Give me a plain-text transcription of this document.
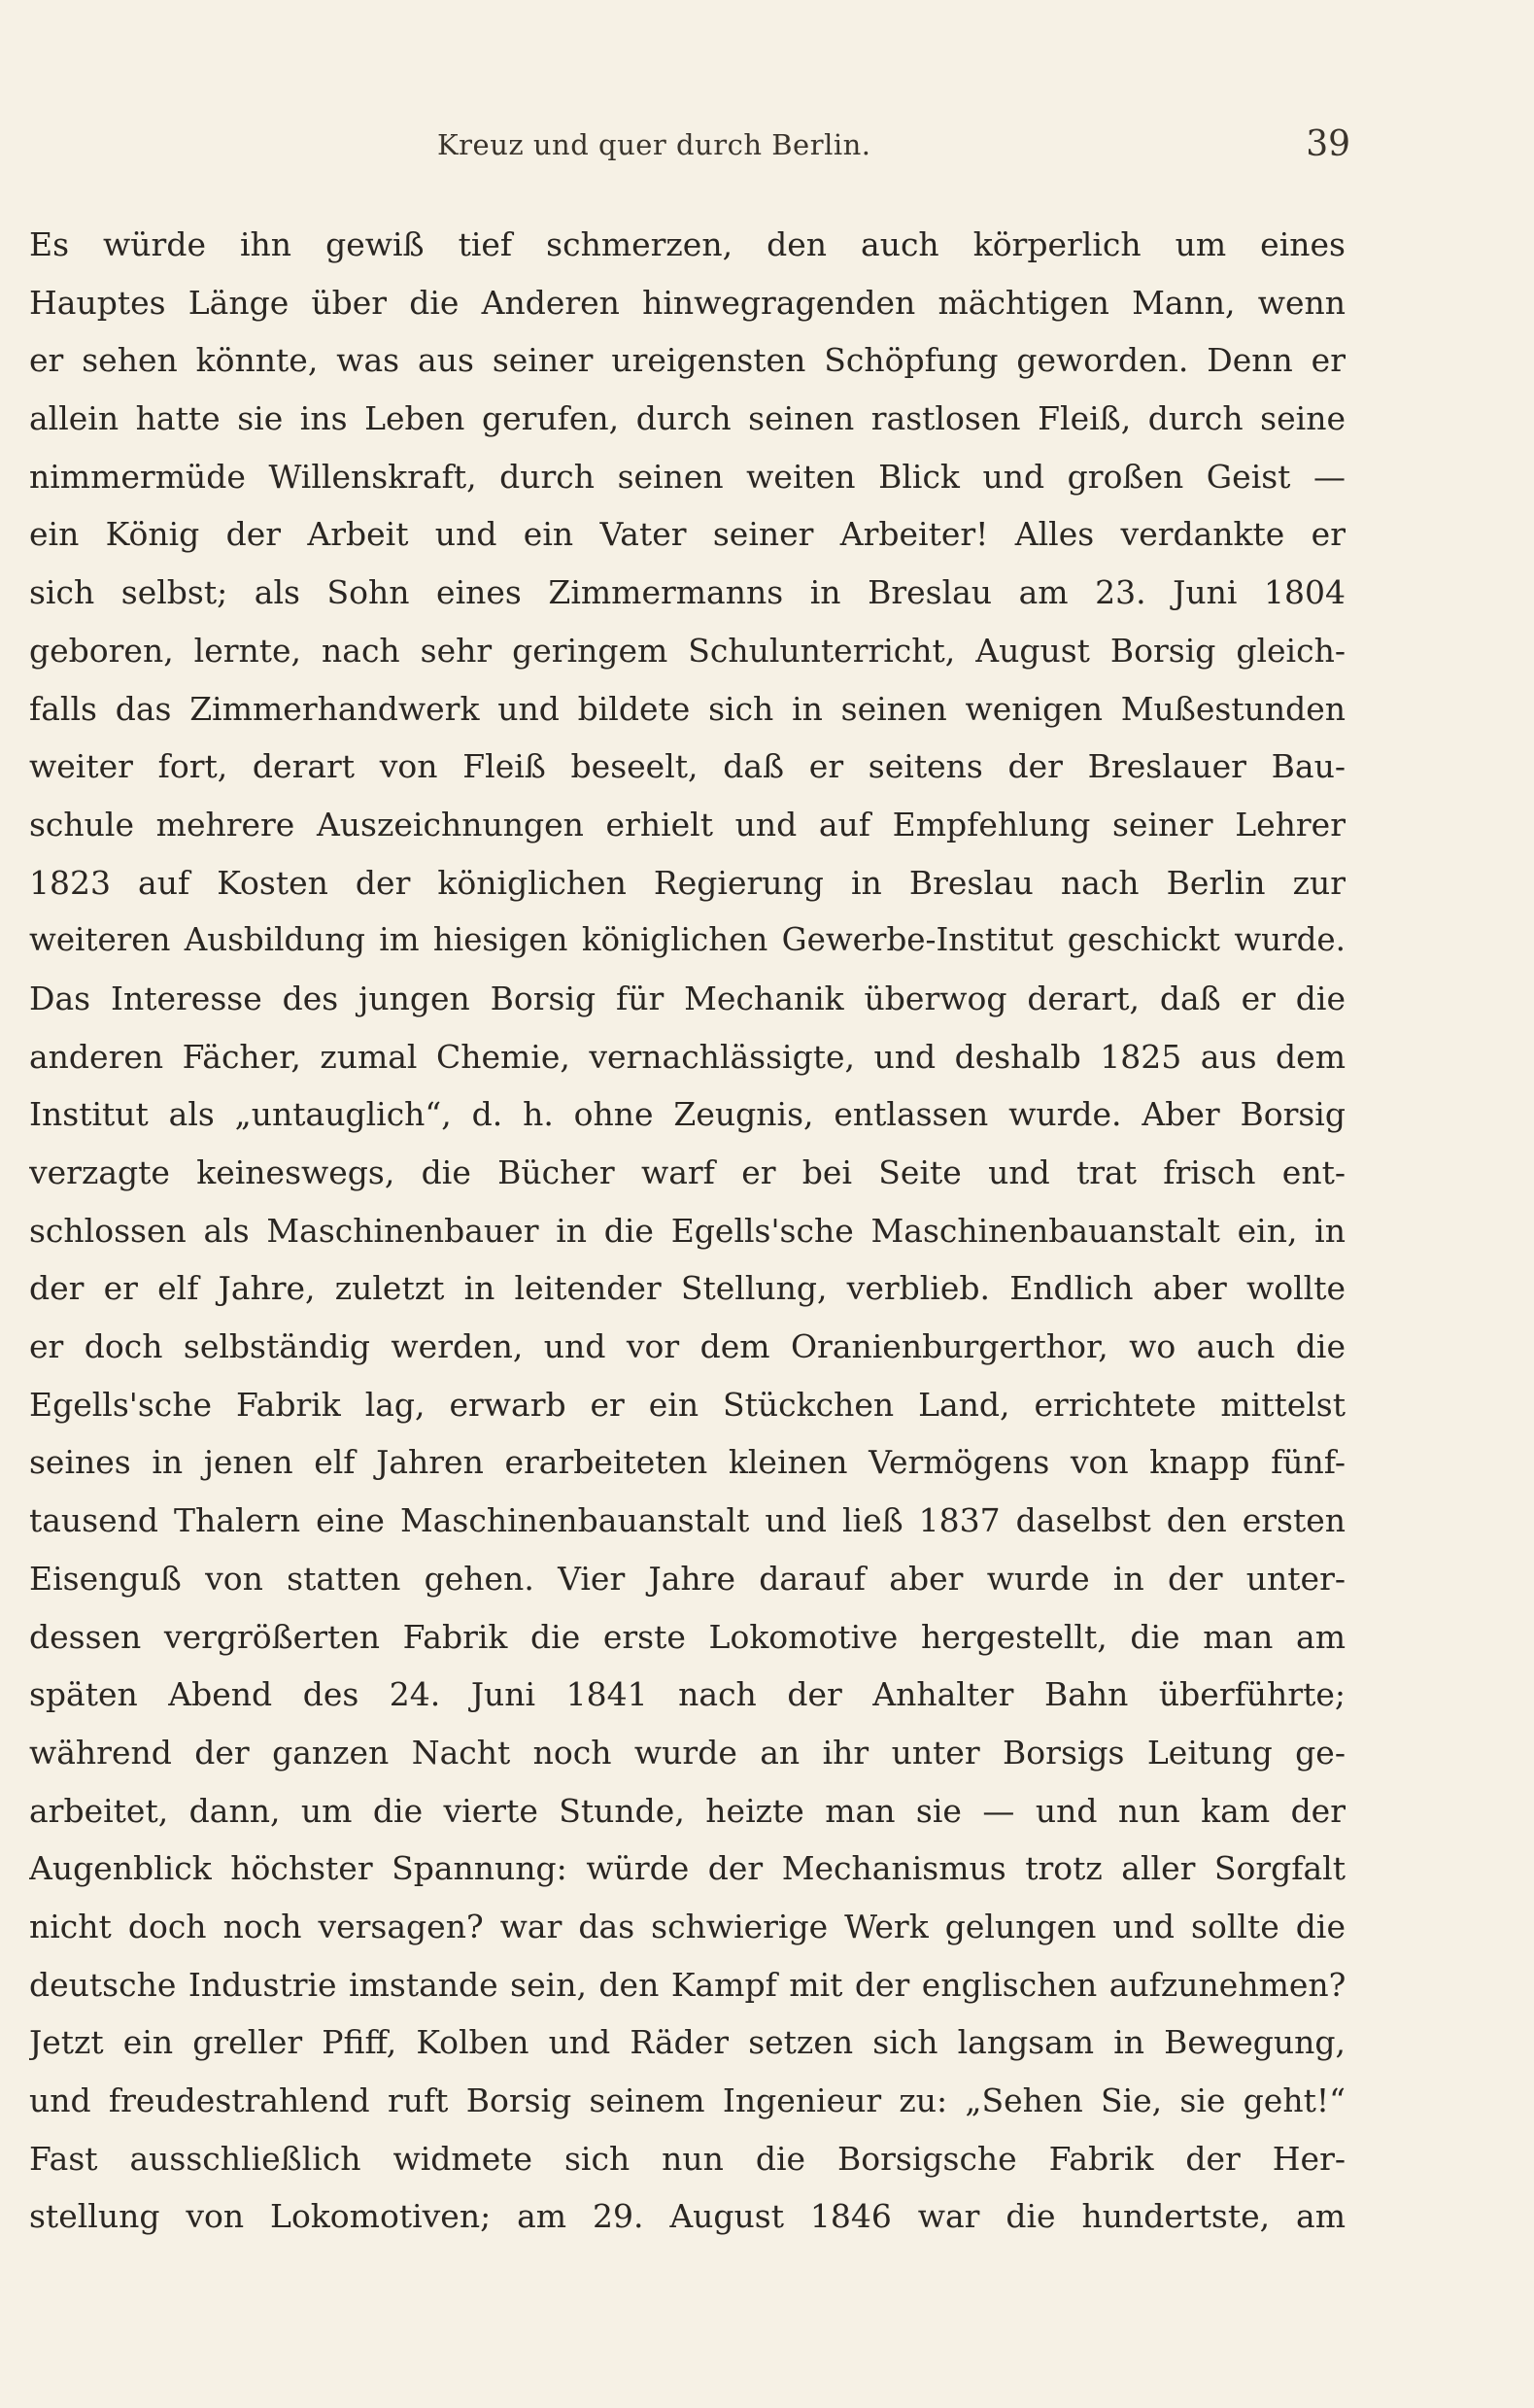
Kreuz und quer durch Berlin.	39
Es würde ihn gewiß tief schmerzen, den auch körperlich um eines
Hauptes Länge über die Anderen hinwegragenden mächtigen Mann, wenn
er sehen könnte, was aus seiner ureigensten Schöpfung geworden. Denn er
allein hatte sie ins Leben gerufen, durch seinen rastlosen Fleiß, durch seine
nimmermüde Willenskraft, durch seinen weiten Blick und großen Geist —
ein König der Arbeit und ein Vater seiner Arbeiter! Alles verdankte er
sich selbst; als Sohn eines Zimmermanns in Breslau am 23. Juni 1804
geboren, lernte, nach sehr geringem Schulunterricht, August Borsig gleich-
falls das Zimmerhandwerk und bildete sich in seinen wenigen Mußestunden
weiter fort, derart von Fleiß beseelt, daß er seitens der Breslauer Bau-
schule mehrere Auszeichnungen erhielt und auf Empfehlung seiner Lehrer
1823 auf Kosten der königlichen Regierung in Breslau nach Berlin zur
weiteren Ausbildung im hiesigen königlichen Gewerbe-Institut geschickt wurde.
Das Interesse des jungen Borsig für Mechanik überwog derart, daß er die
anderen Fächer, zumal Chemie, vernachlässigte, und deshalb 1825 aus dem
Institut als „untauglich“, d. h. ohne Zeugnis, entlassen wurde. Aber Borsig
verzagte keineswegs, die Bücher warf er bei Seite und trat frisch ent-
schlossen als Maschinenbauer in die Egells'sche Maschinenbauanstalt ein, in
der er elf Jahre, zuletzt in leitender Stellung, verblieb. Endlich aber wollte
er doch selbständig werden, und vor dem Oranienburgerthor, wo auch die
Egells'sche Fabrik lag, erwarb er ein Stückchen Land, errichtete mittelst
seines in jenen elf Jahren erarbeiteten kleinen Vermögens von knapp fünf-
tausend Thalern eine Maschinenbauanstalt und ließ 1837 daselbst den ersten
Eisenguß von statten gehen. Vier Jahre darauf aber wurde in der unter-
dessen vergrößerten Fabrik die erste Lokomotive hergestellt, die man am
späten Abend des 24. Juni 1841 nach der Anhalter Bahn überführte;
während der ganzen Nacht noch wurde an ihr unter Borsigs Leitung ge-
arbeitet, dann, um die vierte Stunde, heizte man sie — und nun kam der
Augenblick höchster Spannung: würde der Mechanismus trotz aller Sorgfalt
nicht doch noch versagen? war das schwierige Werk gelungen und sollte die
deutsche Industrie imstande sein, den Kampf mit der englischen aufzunehmen?
Jetzt ein greller Pfiff, Kolben und Räder setzen sich langsam in Bewegung,
und freudestrahlend ruft Borsig seinem Ingenieur zu: „Sehen Sie, sie geht!“
Fast ausschließlich widmete sich nun die Borsigsche Fabrik der Her-
stellung von Lokomotiven; am 29. August 1846 war die hundertste, am
